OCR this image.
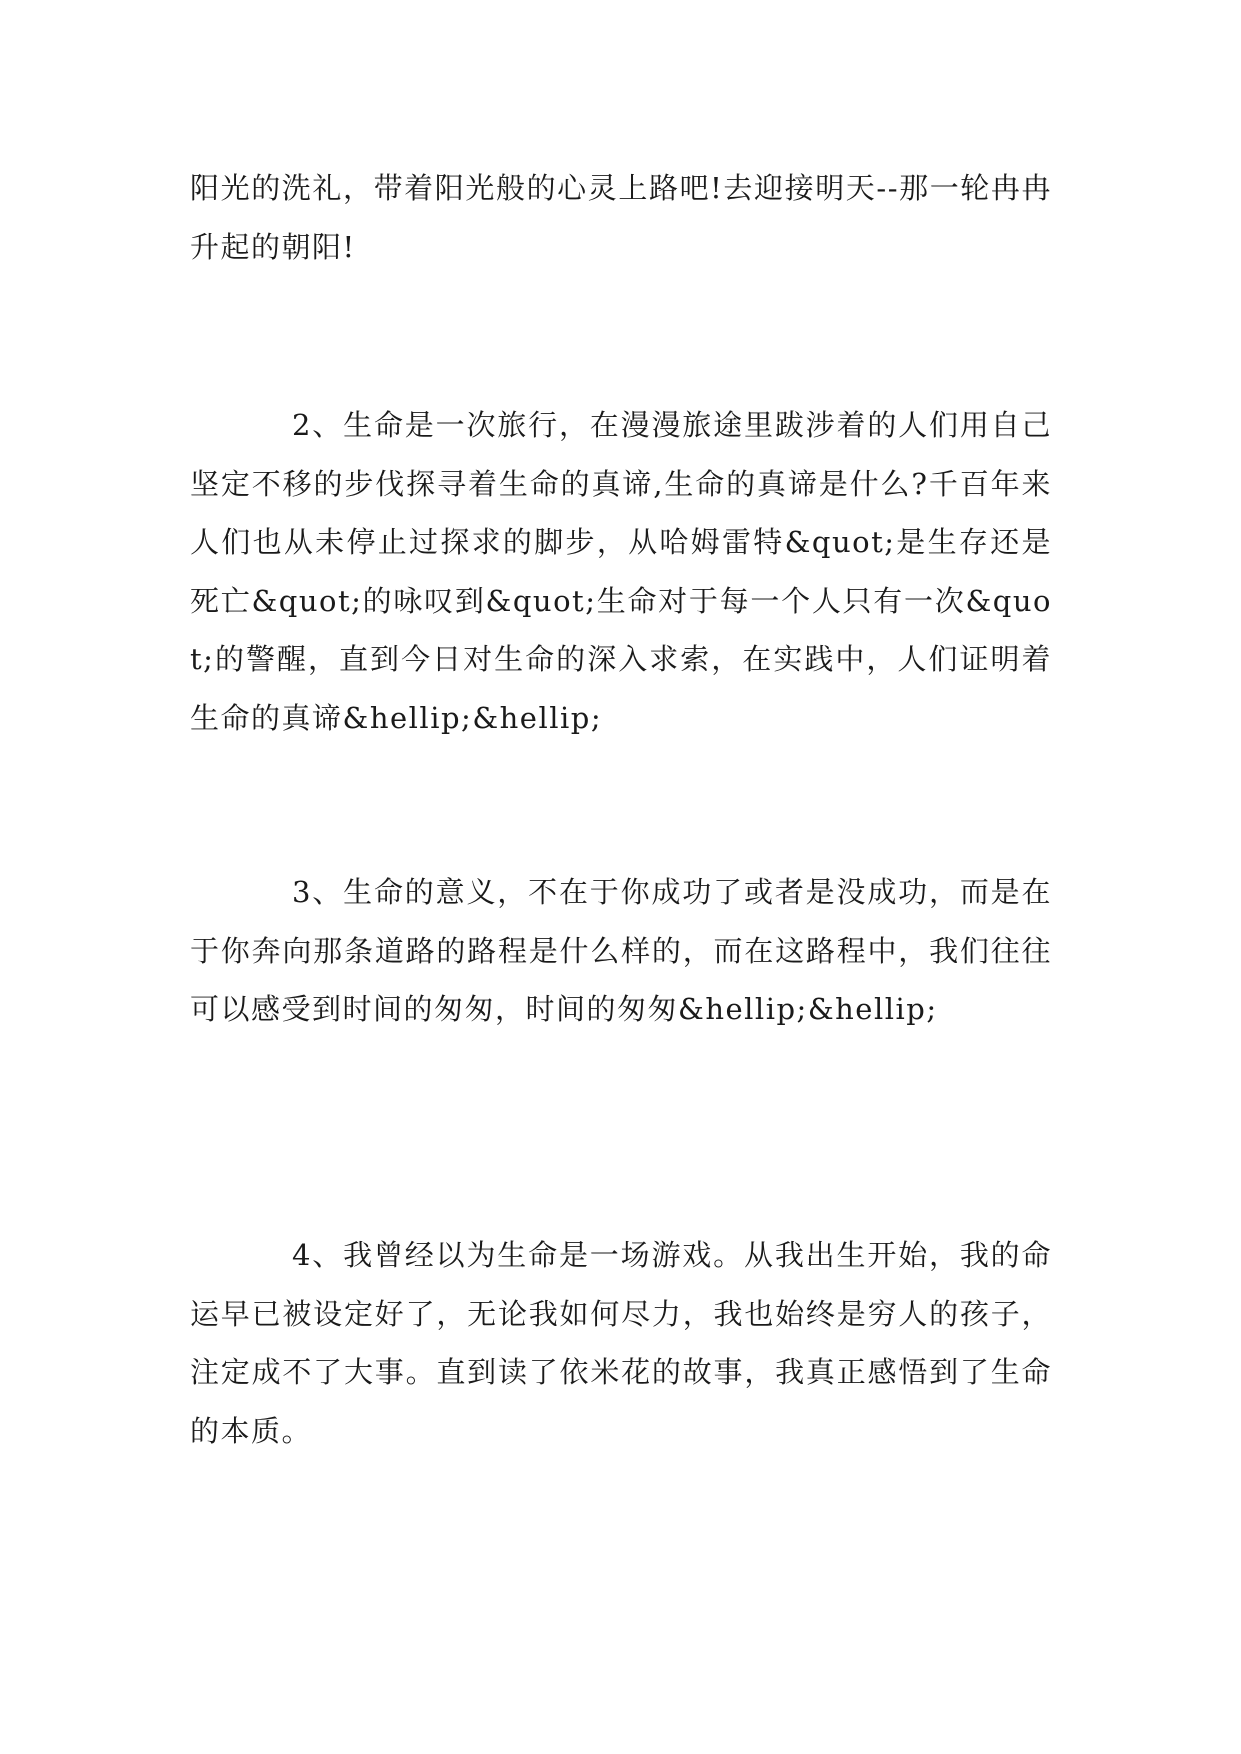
阳光的洗礼，带着阳光般的心灵上路吧!去迎接明天--那一轮冉冉升起的朝阳!

2、生命是一次旅行，在漫漫旅途里跋涉着的人们用自己坚定不移的步伐探寻着生命的真谛,生命的真谛是什么?千百年来人们也从未停止过探求的脚步，从哈姆雷特&quot;是生存还是死亡&quot;的咏叹到&quot;生命对于每一个人只有一次&quot;的警醒，直到今日对生命的深入求索，在实践中，人们证明着生命的真谛&hellip;&hellip;

3、生命的意义，不在于你成功了或者是没成功，而是在于你奔向那条道路的路程是什么样的，而在这路程中，我们往往可以感受到时间的匆匆，时间的匆匆&hellip;&hellip;

4、我曾经以为生命是一场游戏。从我出生开始，我的命运早已被设定好了，无论我如何尽力，我也始终是穷人的孩子，注定成不了大事。直到读了依米花的故事，我真正感悟到了生命的本质。
